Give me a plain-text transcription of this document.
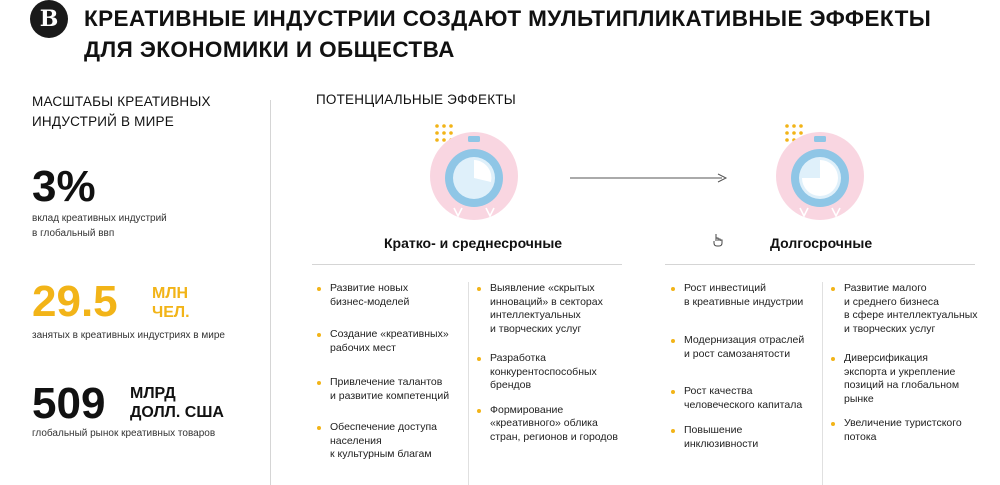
В	КРЕАТИВНЫЕ ИНДУСТРИИ СОЗДАЮТ МУЛЬТИПЛИКАТИВНЫЕ ЭФФЕКТЫ
ДЛЯ ЭКОНОМИКИ И ОБЩЕСТВА
МАСШТАБЫ КРЕАТИВНЫХ
ИНДУСТРИЙ В МИРЕ
3%
вклад креативных индустрий
в глобальный ввп
29.5 МЛН
ЧЕЛ.
занятых в креативных индустриях в мире
509 МЛРД
ДОЛЛ. США
глобальный рынок креативных товаров
ПОТЕНЦИАЛЬНЫЕ ЭФФЕКТЫ
Кратко- и среднесрочные	Долгосрочные
Развитие новых
бизнес-моделей
Создание «креативных»
рабочих мест
Привлечение талантов
и развитие компетенций
Обеспечение доступа
населения
к культурным благам
Выявление «скрытых
инноваций» в секторах
интеллектуальных
и творческих услуг
Разработка
конкурентоспособных
брендов
Формирование
«креативного» облика
стран, регионов и городов
Рост инвестиций
в креативные индустрии
Модернизация отраслей
и рост самозанятости
Рост качества
человеческого капитала
Повышение
инклюзивности
Развитие малого
и среднего бизнеса
в сфере интеллектуальных
и творческих услуг
Диверсификация
экспорта и укрепление
позиций на глобальном
рынке
Увеличение туристского
потока
